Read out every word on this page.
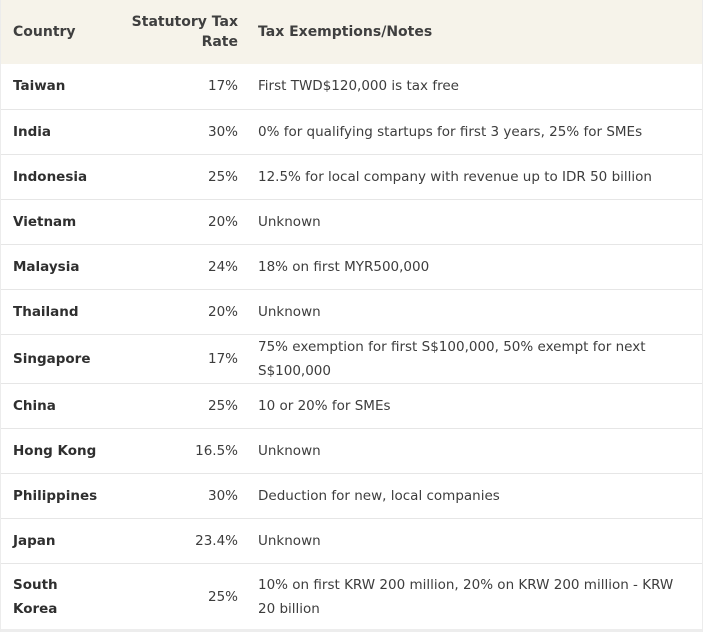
Country	Statutory Tax Rate	Tax Exemptions/Notes
Taiwan	17%	First TWD$120,000 is tax free
India	30%	0% for qualifying startups for first 3 years, 25% for SMEs
Indonesia	25%	12.5% for local company with revenue up to IDR 50 billion
Vietnam	20%	Unknown
Malaysia	24%	18% on first MYR500,000
Thailand	20%	Unknown
Singapore	17%	75% exemption for first S$100,000, 50% exempt for next S$100,000
China	25%	10 or 20% for SMEs
Hong Kong	16.5%	Unknown
Philippines	30%	Deduction for new, local companies
Japan	23.4%	Unknown
South Korea	25%	10% on first KRW 200 million, 20% on KRW 200 million - KRW 20 billion
